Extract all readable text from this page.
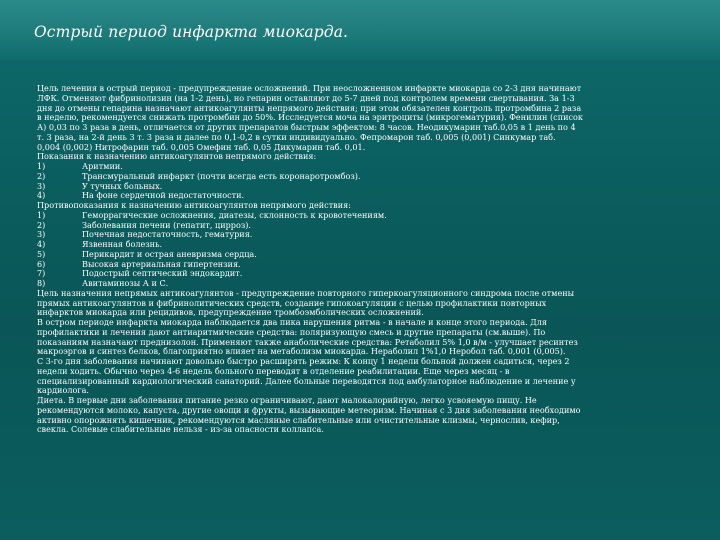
Острый период инфаркта миокарда.
Цель лечения в острый период - предупреждение осложнений. При неосложненном инфаркте миокарда со 2-3 дня начинают
ЛФК. Отменяют фибринолизин (на 1-2 день), но гепарин оставляют до 5-7 дней под контролем времени свертывания. За 1-3
дня до отмены гепарина назначают антикоагулянты непрямого действия; при этом обязателен контроль протромбина 2 раза
в неделю, рекомендуется снижать протромбин до 50%. Исследуется моча на эритроциты (микрогематурия). Фенилин (список
А) 0,03 по 3 раза в день, отличается от других препаратов быстрым эффектом: 8 часов. Неодикумарин таб.0,05 в 1 день по 4
т. 3 раза, на 2-й день 3 т. 3 раза и далее по 0,1-0,2 в сутки индивидуально. Фепромарон таб. 0,005 (0,001) Синкумар таб.
0,004 (0,002) Нитрофарин таб. 0,005 Омефин таб. 0,05 Дикумарин таб. 0,01.
Показания к назначению антикоагулянтов непрямого действия:
1)	Аритмии.
2)	Трансмуральный инфаркт (почти всегда есть коронаротромбоз).
3)	У тучных больных.
4)	На фоне сердечной недостаточности.
Противопоказания к назначению антикоагулянтов непрямого действия:
1)	Геморрагические осложнения, диатезы, склонность к кровотечениям.
2)	Заболевания печени (гепатит, цирроз).
3)	Почечная недостаточность, гематурия.
4)	Язвенная болезнь.
5)	Перикардит и острая аневризма сердца.
6)	Высокая артериальная гипертензия.
7)	Подострый септический эндокардит.
8)	Авитаминозы А и С.
Цель назначения непрямых антикоагулянтов - предупреждение повторного гиперкоагуляционного синдрома после отмены
прямых антикоагулянтов и фибринолитических средств, создание гипокоагуляции с целью профилактики повторных
инфарктов миокарда или рецидивов, предупреждение тромбоэмболических осложнений.
В остром периоде инфаркта миокарда наблюдается два пика нарушения ритма - в начале и конце этого периода. Для
профилактики и лечения дают антиаритмические средства: поляризующую смесь и другие препараты (см.выше). По
показаниям назначают преднизолон. Применяют также анаболические средства: Ретаболил 5% 1,0 в/м - улучшает ресинтез
макроэргов и синтез белков, благоприятно влияет на метаболизм миокарда. Нераболил 1%1,0 Неробол таб. 0,001 (0,005).
С 3-го дня заболевания начинают довольно быстро расширять режим: К концу 1 недели больной должен садиться, через 2
недели ходить. Обычно через 4-6 недель больного переводят в отделение реабилитации. Еще через месяц - в
специализированный кардиологический санаторий. Далее больные переводятся под амбулаторное наблюдение и лечение у
кардиолога.
Диета. В первые дни заболевания питание резко ограничивают, дают малокалорийную, легко усвояемую пищу. Не
рекомендуются молоко, капуста, другие овощи и фрукты, вызывающие метеоризм. Начиная с 3 дня заболевания необходимо
активно опорожнять кишечник, рекомендуются масляные слабительные или очистительные клизмы, чернослив, кефир,
свекла. Солевые слабительные нельзя - из-за опасности коллапса.
